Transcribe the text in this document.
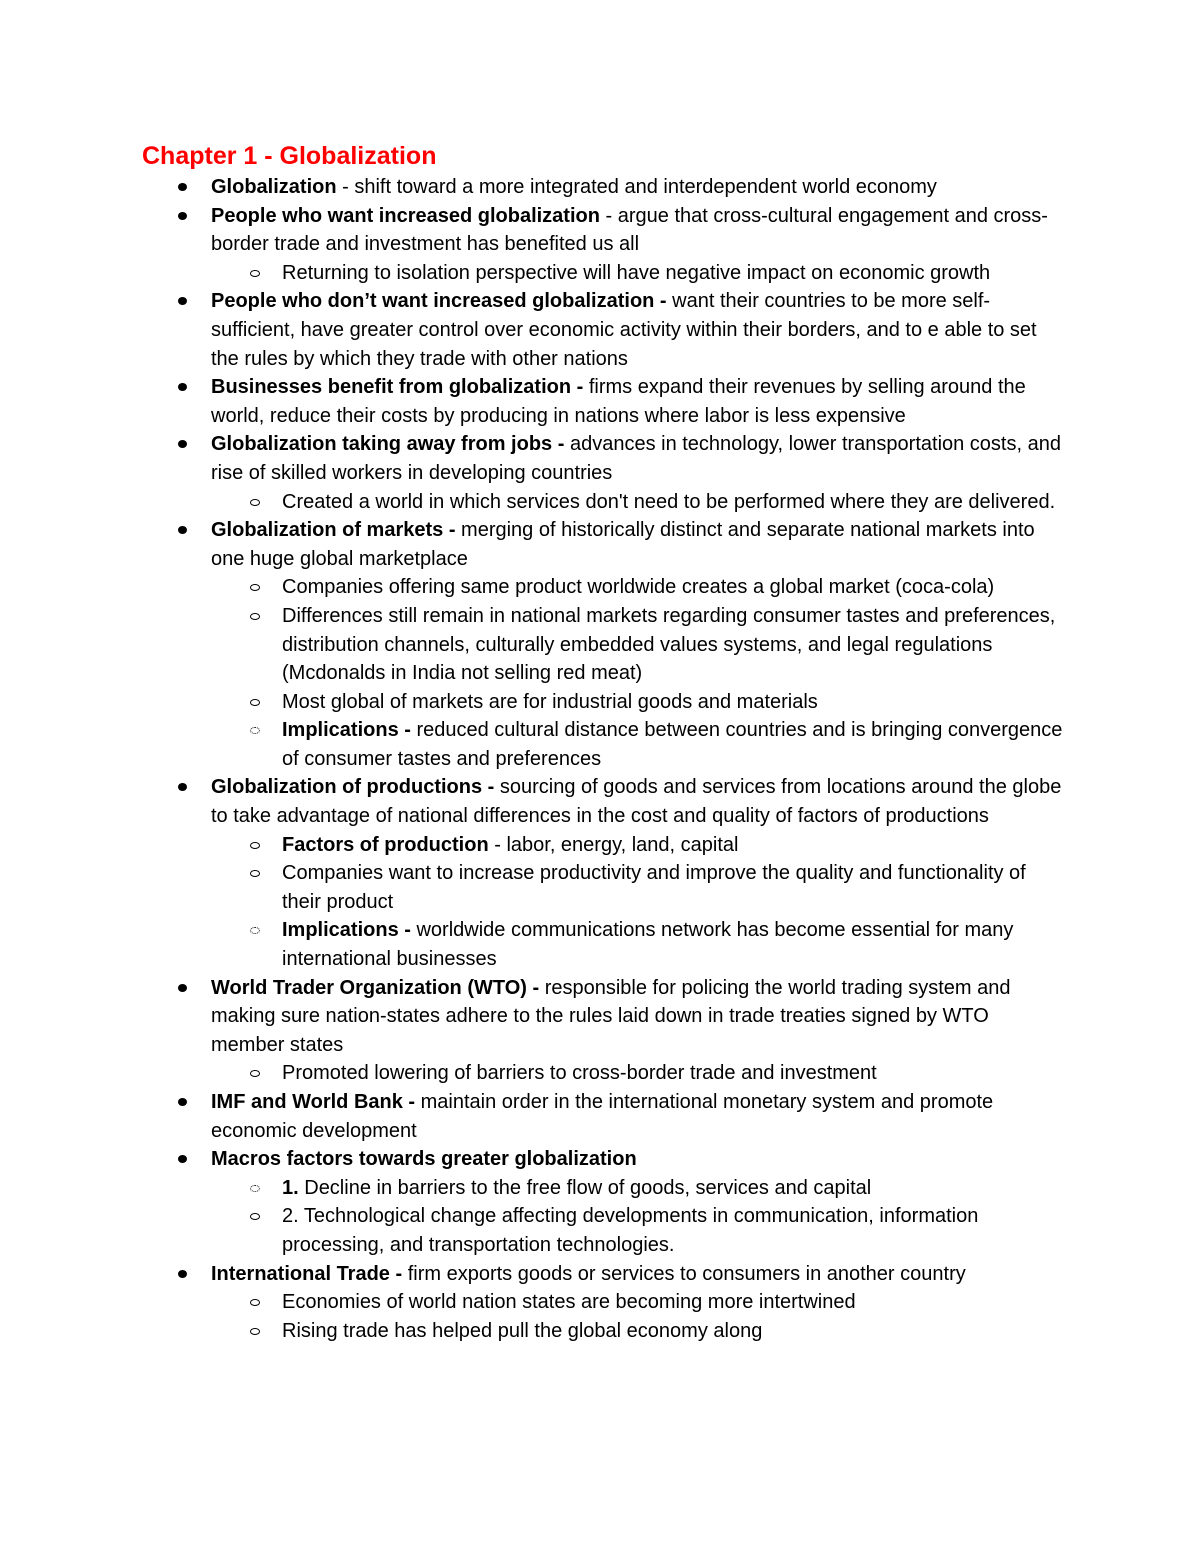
Chapter 1 - Globalization
Globalization - shift toward a more integrated and interdependent world economy
People who want increased globalization - argue that cross-cultural engagement and cross-border trade and investment has benefited us all
Returning to isolation perspective will have negative impact on economic growth
People who don’t want increased globalization - want their countries to be more self-sufficient, have greater control over economic activity within their borders, and to e able to set the rules by which they trade with other nations
Businesses benefit from globalization - firms expand their revenues by selling around the world, reduce their costs by producing in nations where labor is less expensive
Globalization taking away from jobs - advances in technology, lower transportation costs, and rise of skilled workers in developing countries
Created a world in which services don't need to be performed where they are delivered.
Globalization of markets - merging of historically distinct and separate national markets into one huge global marketplace
Companies offering same product worldwide creates a global market (coca-cola)
Differences still remain in national markets regarding consumer tastes and preferences, distribution channels, culturally embedded values systems, and legal regulations (Mcdonalds in India not selling red meat)
Most global of markets are for industrial goods and materials
Implications - reduced cultural distance between countries and is bringing convergence of consumer tastes and preferences
Globalization of productions - sourcing of goods and services from locations around the globe to take advantage of national differences in the cost and quality of factors of productions
Factors of production - labor, energy, land, capital
Companies want to increase productivity and improve the quality and functionality of their product
Implications - worldwide communications network has become essential for many international businesses
World Trader Organization (WTO) - responsible for policing the world trading system and making sure nation-states adhere to the rules laid down in trade treaties signed by WTO member states
Promoted lowering of barriers to cross-border trade and investment
IMF and World Bank - maintain order in the international monetary system and promote economic development
Macros factors towards greater globalization
1. Decline in barriers to the free flow of goods, services and capital
2. Technological change affecting developments in communication, information processing, and transportation technologies.
International Trade - firm exports goods or services to consumers in another country
Economies of world nation states are becoming more intertwined
Rising trade has helped pull the global economy along
